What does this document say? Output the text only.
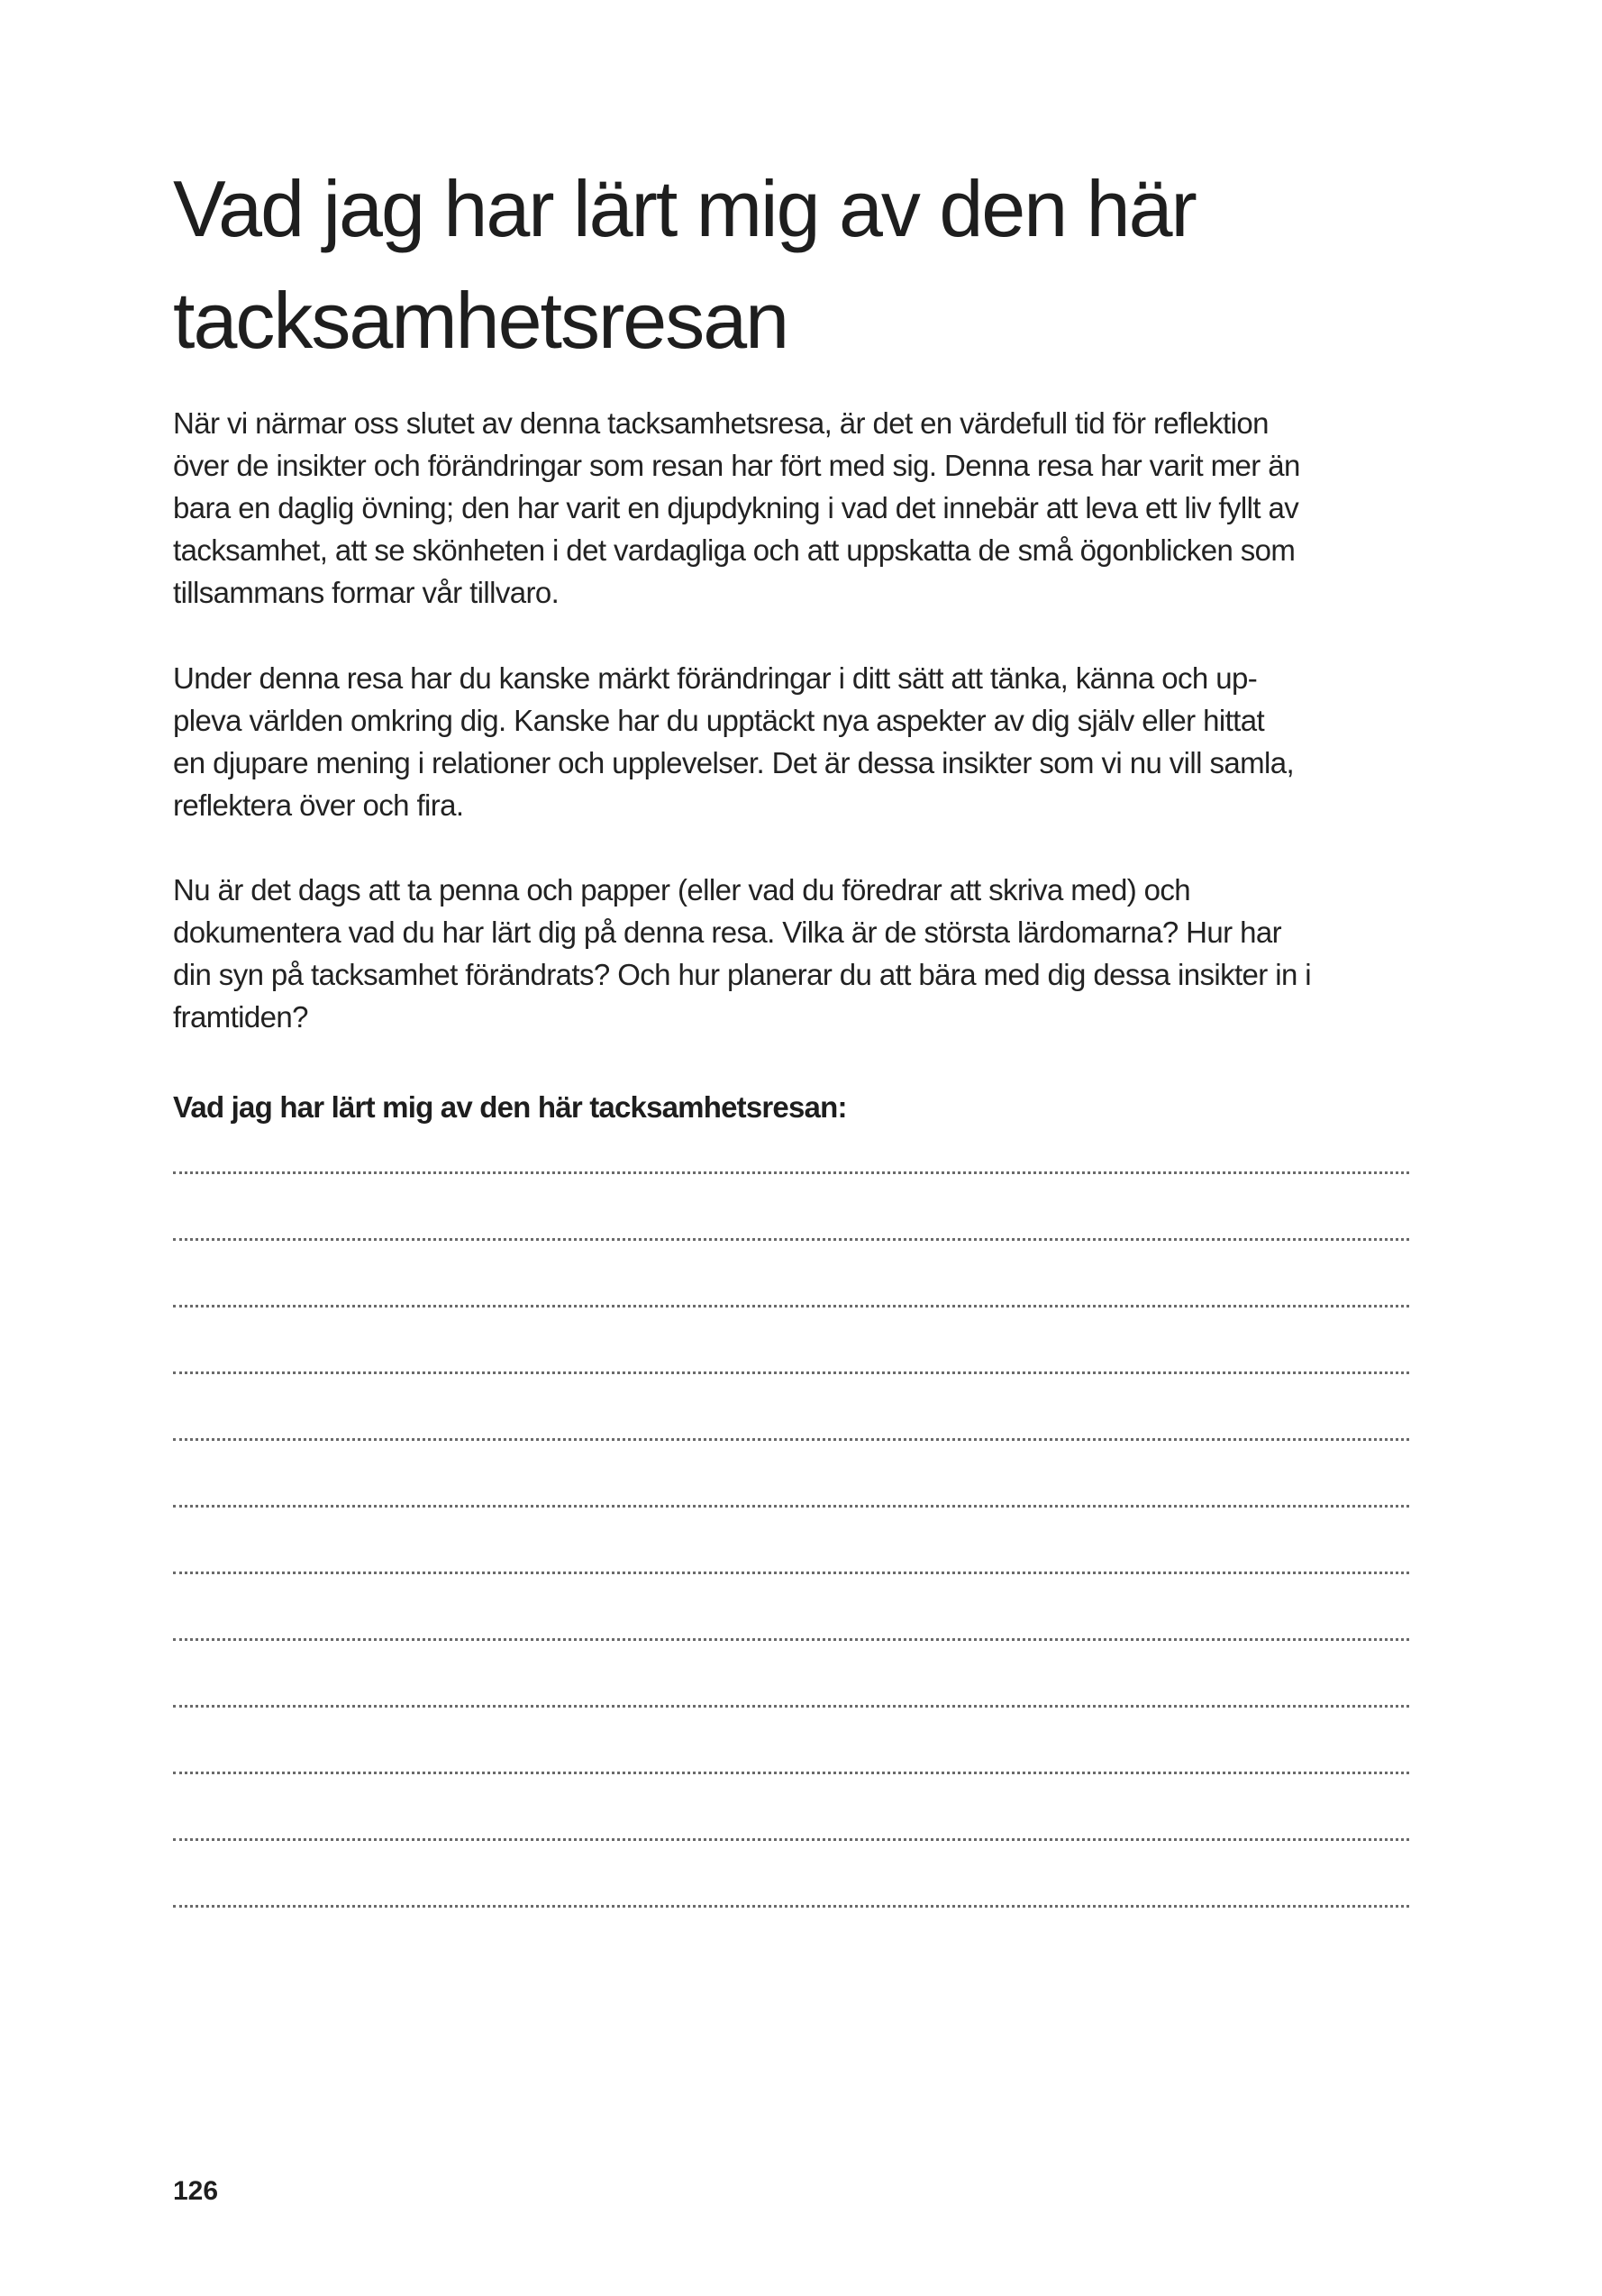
Vad jag har lärt mig av den här
tacksamhetsresan

När vi närmar oss slutet av denna tacksamhetsresa, är det en värdefull tid för reflektion
över de insikter och förändringar som resan har fört med sig. Denna resa har varit mer än
bara en daglig övning; den har varit en djupdykning i vad det innebär att leva ett liv fyllt av
tacksamhet, att se skönheten i det vardagliga och att uppskatta de små ögonblicken som
tillsammans formar vår tillvaro.

Under denna resa har du kanske märkt förändringar i ditt sätt att tänka, känna och up-
pleva världen omkring dig. Kanske har du upptäckt nya aspekter av dig själv eller hittat
en djupare mening i relationer och upplevelser. Det är dessa insikter som vi nu vill samla,
reflektera över och fira.

Nu är det dags att ta penna och papper (eller vad du föredrar att skriva med) och
dokumentera vad du har lärt dig på denna resa. Vilka är de största lärdomarna? Hur har
din syn på tacksamhet förändrats? Och hur planerar du att bära med dig dessa insikter in i
framtiden?

Vad jag har lärt mig av den här tacksamhetsresan:

126
